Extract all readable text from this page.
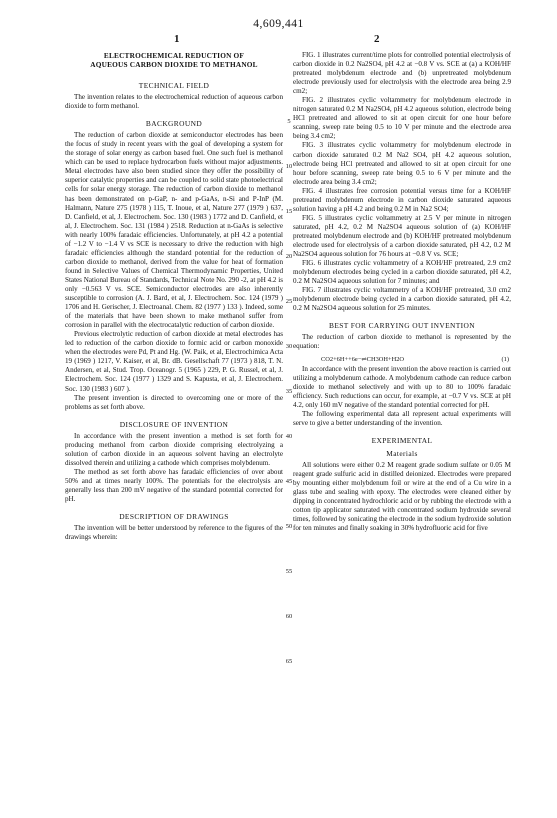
4,609,441
1	2
ELECTROCHEMICAL REDUCTION OF
AQUEOUS CARBON DIOXIDE TO METHANOL
TECHNICAL FIELD

The invention relates to the electrochemical reduction of aqueous carbon dioxide to form methanol.

BACKGROUND

The reduction of carbon dioxide at semiconductor electrodes has been the focus of study in recent years with the goal of developing a system for the storage of solar energy as carbon based fuel. One such fuel is methanol which can be used to replace hydrocarbon fuels without major adjustments. Metal electrodes have also been studied since they offer the possibility of superior catalytic properties and can be coupled to solid state photoelectrical cells for solar energy storage. The reduction of carbon dioxide to methanol has been demonstrated on p-GaP, n- and p-GaAs, n-Si and P-InP (M. Halmann, Nature 275 (1978 ) 115, T. Inoue, et al, Nature 277 (1979 ) 637, D. Canfield, et al, J. Electrochem. Soc. 130 (1983 ) 1772 and D. Canfield, et al, J. Electrochem. Soc. 131 (1984 ) 2518. Reduction at n-GaAs is selective with nearly 100% faradaic efficiencies. Unfortunately, at pH 4.2 a potential of −1.2 V to −1.4 V vs SCE is necessary to drive the reduction with high faradaic efficiencies although the standard potential for the reduction of carbon dioxide to methanol, derived from the value for heat of formation found in Selective Values of Chemical Thermodynamic Properties, United States National Bureau of Standards, Technical Note No. 290 -2, at pH 4.2 is only −0.563 V vs. SCE. Semiconductor electrodes are also inherently susceptible to corrosion (A. J. Bard, et al, J. Electrochem. Soc. 124 (1979 ) 1706 and H. Gerischer, J. Electroanal. Chem. 82 (1977 ) 133 ). Indeed, some of the materials that have been shown to make methanol suffer from corrosion in parallel with the electrocatalytic reduction of carbon dioxide.

Previous electrolytic reduction of carbon dioxide at metal electrodes has led to reduction of the carbon dioxide to formic acid or carbon monoxide when the electrodes were Pd, Pt and Hg. (W. Paik, et al, Electrochimica Acta 19 (1969 ) 1217, V. Kaiser, et al, Br. dB. Gesellschaft 77 (1973 ) 818, T. N. Andersen, et al, Stud. Trop. Oceanogr. 5 (1965 ) 229, P. G. Russel, et al, J. Electrochem. Soc. 124 (1977 ) 1329 and S. Kapusta, et al, J. Electrochem. Soc. 130 (1983 ) 607 ).

The present invention is directed to overcoming one or more of the problems as set forth above.

DISCLOSURE OF INVENTION

In accordance with the present invention a method is set forth for producing methanol from carbon dioxide comprising electrolyzing a solution of carbon dioxide in an aqueous solvent having an electrolyte dissolved therein and utilizing a cathode which comprises molybdenum.

The method as set forth above has faradaic efficiencies of over about 50% and at times nearly 100%. The potentials for the electrolysis are generally less than 200 mV negative of the standard potential corrected for pH.

DESCRIPTION OF DRAWINGS

The invention will be better understood by reference to the figures of the drawings wherein:

5
10
15
20
25
30
35
40
45
50
55
60
65

FIG. 1 illustrates current/time plots for controlled potential electrolysis of carbon dioxide in 0.2 Na2SO4, pH 4.2 at −0.8 V vs. SCE at (a) a KOH/HF pretreated molybdenum electrode and (b) unpretreated molybdenum electrode previously used for electrolysis with the electrode area being 2.9 cm2;

FIG. 2 illustrates cyclic voltammetry for molybdenum electrode in nitrogen saturated 0.2 M Na2SO4, pH 4.2 aqueous solution, electrode being HCl pretreated and allowed to sit at open circuit for one hour before scanning, sweep rate being 0.5 to 10 V per minute and the electrode area being 3.4 cm2;

FIG. 3 illustrates cyclic voltammetry for molybdenum electrode in carbon dioxide saturated 0.2 M Na2 SO4, pH 4.2 aqueous solution, electrode being HCl pretreated and allowed to sit at open circuit for one hour before scanning, sweep rate being 0.5 to 6 V per minute and the electrode area being 3.4 cm2;

FIG. 4 illustrates free corrosion potential versus time for a KOH/HF pretreated molybdenum electrode in carbon dioxide saturated aqueous solution having a pH 4.2 and being 0.2 M in Na2 SO4;

FIG. 5 illustrates cyclic voltammetry at 2.5 V per minute in nitrogen saturated, pH 4.2, 0.2 M Na2SO4 aqueous solution of (a) KOH/HF pretreated molybdenum electrode and (b) KOH/HF pretreated molybdenum electrode used for electrolysis of a carbon dioxide saturated, pH 4.2, 0.2 M Na2SO4 aqueous solution for 76 hours at −0.8 V vs. SCE;

FIG. 6 illustrates cyclic voltammetry of a KOH/HF pretreated, 2.9 cm2 molybdenum electrodes being cycled in a carbon dioxide saturated, pH 4.2, 0.2 M Na2SO4 aqueous solution for 7 minutes; and

FIG. 7 illustrates cyclic voltammetry of a KOH/HF pretreated, 3.0 cm2 molybdenum electrode being cycled in a carbon dioxide saturated, pH 4.2, 0.2 M Na2SO4 aqueous solution for 25 minutes.

BEST FOR CARRYING OUT INVENTION

The reduction of carbon dioxide to methanol is represented by the equation:

CO2+6H++6e−⇌CH3OH+H2O	(1)

In accordance with the present invention the above reaction is carried out utilizing a molybdenum cathode. A molybdenum cathode can reduce carbon dioxide to methanol selectively and with up to 80 to 100% faradaic efficiency. Such reductions can occur, for example, at −0.7 V vs. SCE at pH 4.2, only 160 mV negative of the standard potential corrected for pH.

The following experimental data all represent actual experiments will serve to give a better understanding of the invention.

EXPERIMENTAL
Materials

All solutions were either 0.2 M reagent grade sodium sulfate or 0.05 M reagent grade sulfuric acid in distilled deionized. Electrodes were prepared by mounting either molybdenum foil or wire at the end of a Cu wire in a glass tube and sealing with epoxy. The electrodes were cleaned either by dipping in concentrated hydrochloric acid or by rubbing the electrode with a cotton tip applicator saturated with concentrated sodium hydroxide several times, followed by sonicating the electrode in the sodium hydroxide solution for ten minutes and finally soaking in 30% hydrofluoric acid for five
